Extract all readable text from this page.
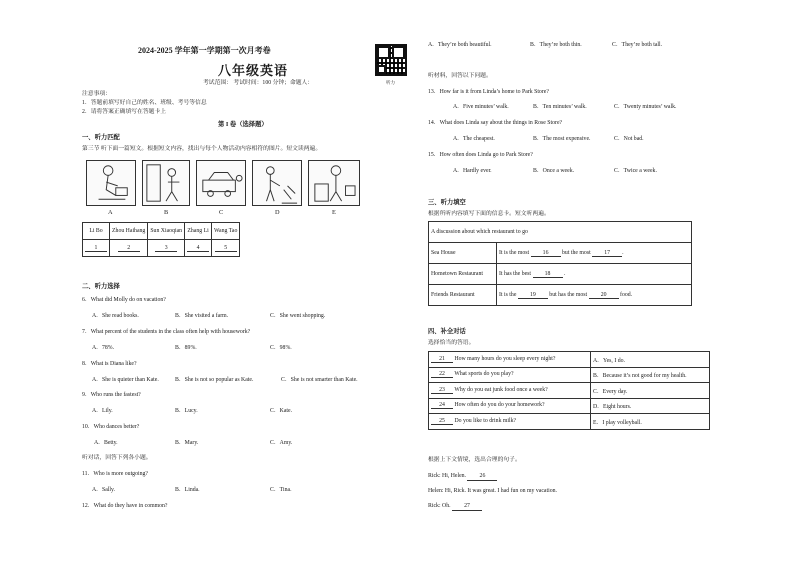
2024-2025 学年第一学期第一次月考卷
八年级英语
考试范围： 考试时间：100 分钟；命题人：	听力
注意事项：
1．答题前填写好自己的姓名、班级、考号等信息
2．请将答案正确填写在答题卡上
第 I 卷（选择题）
一、听力匹配
第三节 听下面一篇短文。根据短文内容，找出与每个人物活动内容相符的图片。短文读两遍。
A	B	C	D	E
Li Bo	Zhou Haihang	Sun Xiaoqian	Zhang Li	Wang Tao
1	2	3	4	5
二、听力选择
6．What did Molly do on vacation?
A．She read books.	B．She visited a farm.	C．She went shopping.
7．What percent of the students in the class often help with housework?
A．78%.	B．89%.	C．98%.
8．What is Diana like?
A．She is quieter than Kate.	B．She is not so popular as Kate.	C．She is not smarter than Kate.
9．Who runs the fastest?
A．Lily.	B．Lucy.	C．Kate.
10．Who dances better?
A．Betty.	B．Mary.	C．Amy.
听对话，回答下列各小题。
11．Who is more outgoing?
A．Sally.	B．Linda.	C．Tina.
12．What do they have in common?
A．They’re both beautiful.	B．They’re both thin.	C．They’re both tall.
听材料，回答以下问题。
13．How far is it from Linda’s home to Park Store?
A．Five minutes’ walk.	B．Ten minutes’ walk.	C．Twenty minutes’ walk.
14．What does Linda say about the things in Rose Store?
A．The cheapest.	B．The most expensive.	C．Not bad.
15．How often does Linda go to Park Store?
A．Hardly ever.	B．Once a week.	C．Twice a week.
三、听力填空
根据所听内容填写下面的信息卡。短文听两遍。
A discussion about which restaurant to go	
Sea House	It is the most 16 but the most 17 .
Hometown Restaurant	It has the best 18 .
Friends Restaurant	It is the 19 but has the most 20 food.
四、补全对话
选择恰当的答语。
21 How many hours do you sleep every night?	A．Yes, I do.
22 What sports do you play?	B．Because it’s not good for my health.
23 Why do you eat junk food once a week?	C．Every day.
24 How often do you do your homework?	D．Eight hours.
25 Do you like to drink milk?	E．I play volleyball.
根据上下文情境，选出合理的句子。
Rick: Hi, Helen. 26
Helen: Hi, Rick. It was great. I had fun on my vacation.
Rick: Oh. 27
